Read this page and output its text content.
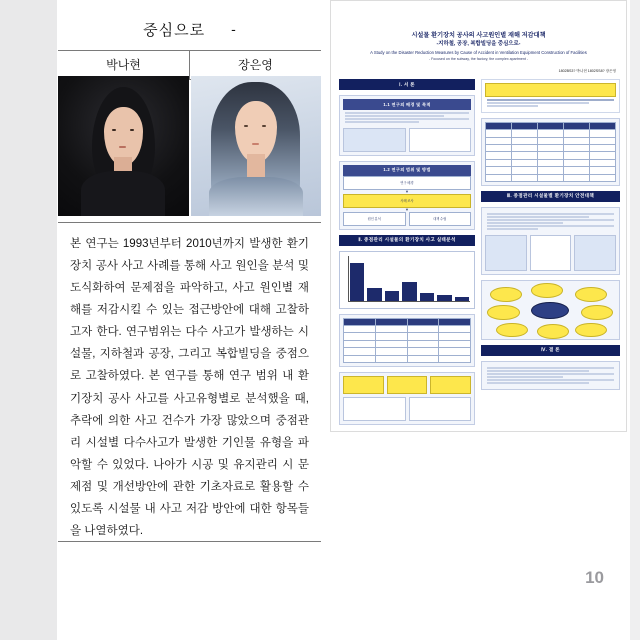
중심으로 -
박나현	장은영

본 연구는 1993년부터 2010년까지 발생한 환기장치 공사 사고 사례를 통해 사고 원인을 분석 및 도식화하여 문제점을 파악하고, 사고 원인별 재해를 저감시킬 수 있는 접근방안에 대해 고찰하고자 한다. 연구범위는 다수 사고가 발생하는 시설물, 지하철과 공장, 그리고 복합빌딩을 중점으로 고찰하였다. 본 연구를 통해 연구 범위 내 환기장치 공사 사고를 사고유형별로 분석했을 때, 추락에 의한 사고 건수가 가장 많았으며 중점관리 시설별 다수사고가 발생한 기인물 유형을 파악할 수 있었다. 나아가 시공 및 유지관리 시 문제점 및 개선방안에 관한 기초자료로 활용할 수 있도록 시설물 내 사고 저감 방안에 대한 항목들을 나열하였다.

시설물 환기장치 공사의 사고원인별 재해 저감대책
-지하철, 공장, 복합빌딩을 중심으로-
A Study on the Disaster Reduction Measures by Cause of Accident in Ventilation Equipment Construction of Facilities
- Focused on the subway, the factory, the complex apartment -
1802BS3? 박나현 1802SS8? 장은영
Ⅰ. 서 론
1.1 연구의 배경 및 목적
1.2 연구의 범위 및 방법
연구 배경
▼
사례 조사
▼
원인 분석	대책 수립
Ⅱ. 중점관리 시설물의 환기장치 사고 실태분석

Ⅲ. 중점관리 시설물별 환기장치 안전대책
Ⅳ. 결 론
10
